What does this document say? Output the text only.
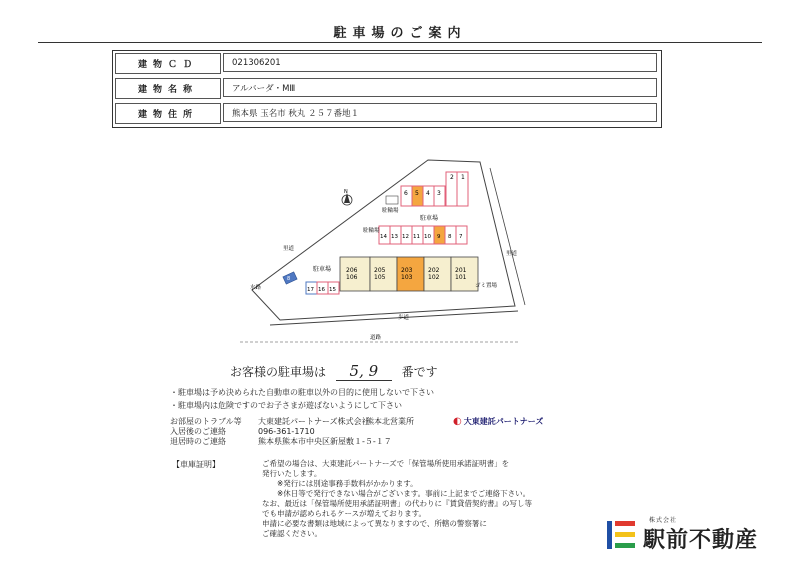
駐車場のご案内
建物ＣＤ	021306201
建物名称	アルバーダ・MⅢ
建物住所	熊本県 玉名市 秋丸 ２５７番地１
N
2 1
6 5 4 3
駐輪場
駐車場
14 13 12 11 10 9 8 7
駐輪場
206
106
205
105
203
103
202
102
201
101
8
17 16 15
駐車場
里道
水路	ゴミ置場
歩道
道路
里道
お客様の駐車場は 5, 9 番です
・駐車場は予め決められた自動車の駐車以外の目的に使用しないで下さい
・駐車場内は危険ですのでお子さまが遊ばないようにして下さい
お部屋のトラブル等	大東建託パートナーズ株式会社
熊本北営業所
入居後のご連絡	096-361-1710
退居時のご連絡	熊本県熊本市中央区新屋敷１-５-１７
◐ 大東建託パートナーズ
【車庫証明】	ご希望の場合は、大東建託パートナーズで「保管場所使用承諾証明書」を
発行いたします。
　　※発行には別途事務手数料がかかります。
　　※休日等で発行できない場合がございます。事前に上記までご連絡下さい。
なお、最近は「保管場所使用承諾証明書」の代わりに『賃貸借契約書』の写し等
でも申請が認められるケースが増えております。
申請に必要な書類は地域によって異なりますので、所轄の警察署に
ご確認ください。
株式会社
駅前不動産
